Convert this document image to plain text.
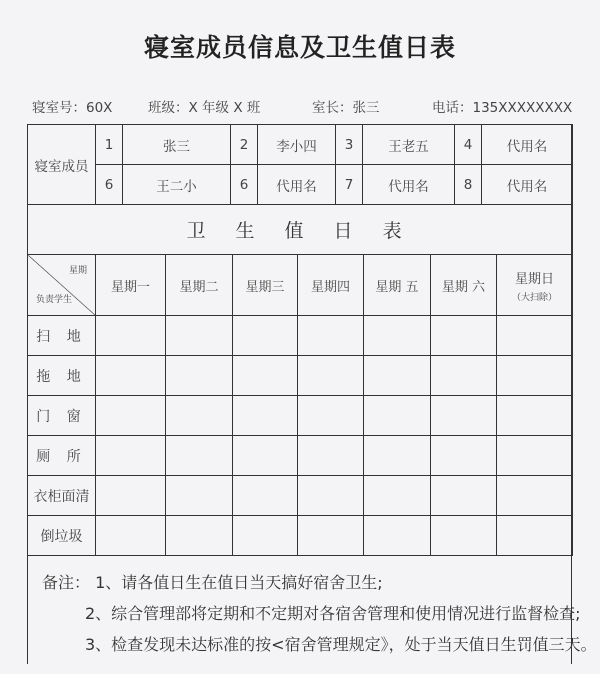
寝室成员信息及卫生值日表
寝室号：60X	班级：X 年级 X 班	室长：张三	电话：135XXXXXXXX
寝室成员	1	张三	2	李小四	3	王老五	4	代用名
	6	王二小	6	代用名	7	代用名	8	代用名
卫 生 值 日 表							

星期
负责学生	星期一	星期二	星期三	星期四	星期 五	星期 六	星期日
（大扫除）

扫 地							
拖 地							
门 窗							
厕 所							
衣柜面清							
倒垃圾							
备注： 1、请各值日生在值日当天搞好宿舍卫生;
2、综合管理部将定期和不定期对各宿舍管理和使用情况进行监督检查;
3、检查发现未达标准的按<宿舍管理规定》，处于当天值日生罚值三天。
